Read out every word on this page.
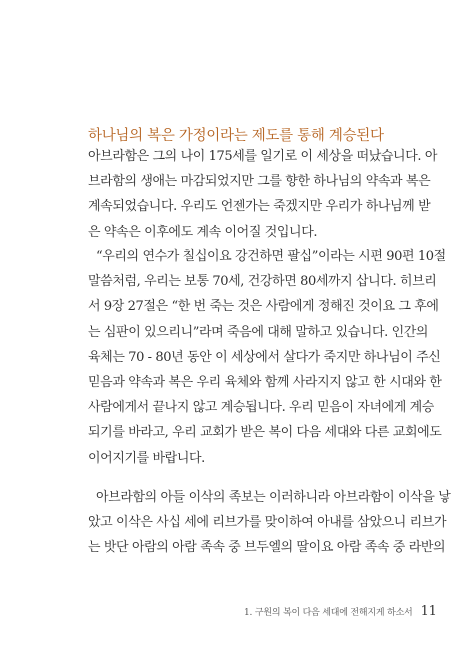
하나님의 복은 가정이라는 제도를 통해 계승된다
아브라함은 그의 나이 175세를 일기로 이 세상을 떠났습니다. 아
브라함의 생애는 마감되었지만 그를 향한 하나님의 약속과 복은
계속되었습니다. 우리도 언젠가는 죽겠지만 우리가 하나님께 받
은 약속은 이후에도 계속 이어질 것입니다.
“우리의 연수가 칠십이요 강건하면 팔십”이라는 시편 90편 10절
말씀처럼, 우리는 보통 70세, 건강하면 80세까지 삽니다. 히브리
서 9장 27절은 “한 번 죽는 것은 사람에게 정해진 것이요 그 후에
는 심판이 있으리니”라며 죽음에 대해 말하고 있습니다. 인간의
육체는 70 - 80년 동안 이 세상에서 살다가 죽지만 하나님이 주신
믿음과 약속과 복은 우리 육체와 함께 사라지지 않고 한 시대와 한
사람에게서 끝나지 않고 계승됩니다. 우리 믿음이 자녀에게 계승
되기를 바라고, 우리 교회가 받은 복이 다음 세대와 다른 교회에도
이어지기를 바랍니다.
아브라함의 아들 이삭의 족보는 이러하니라 아브라함이 이삭을 낳
았고 이삭은 사십 세에 리브가를 맞이하여 아내를 삼았으니 리브가
는 밧단 아람의 아람 족속 중 브두엘의 딸이요 아람 족속 중 라반의
1. 구원의 복이 다음 세대에 전해지게 하소서 11
